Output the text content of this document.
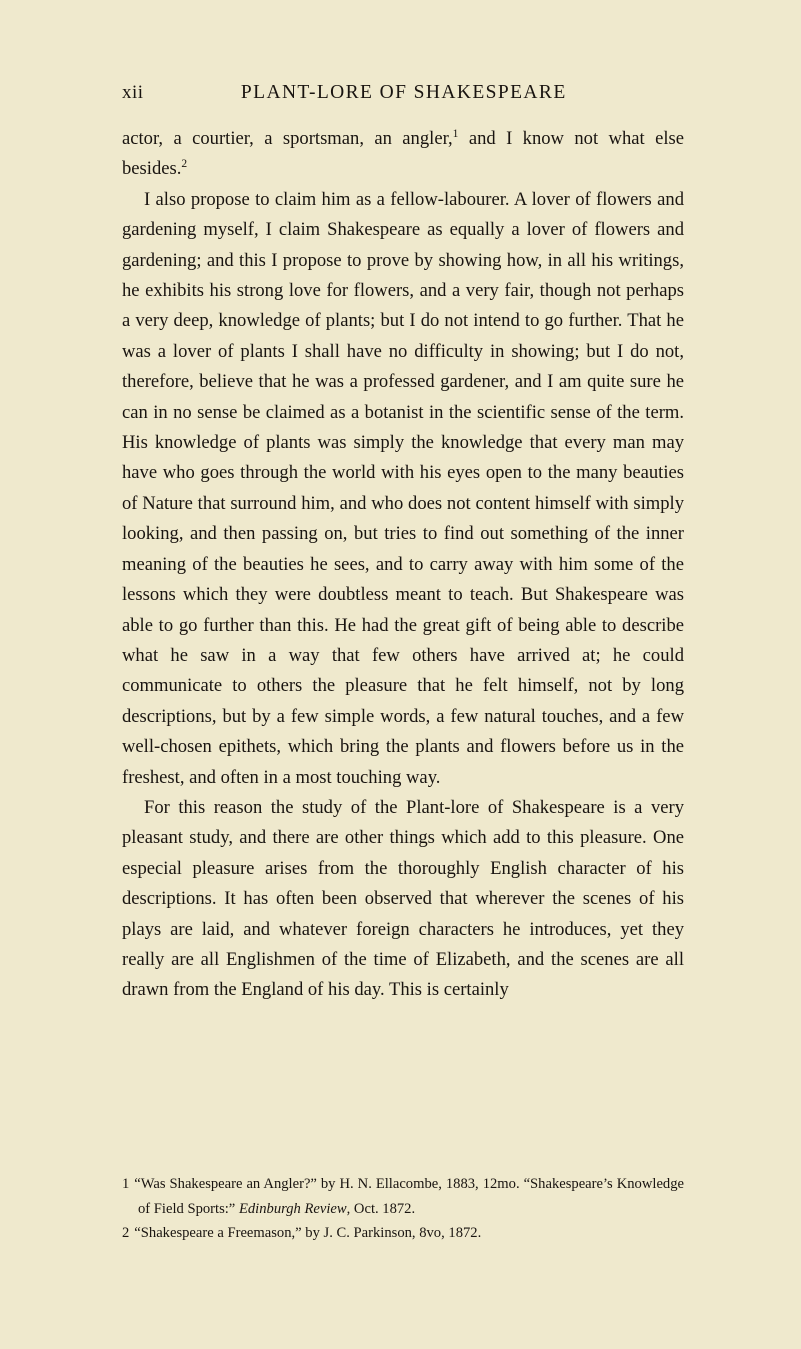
xii	PLANT-LORE OF SHAKESPEARE

actor, a courtier, a sportsman, an angler,$^1$ and I know not what else besides.$^2$

I also propose to claim him as a fellow-labourer. A lover of flowers and gardening myself, I claim Shakespeare as equally a lover of flowers and gardening; and this I propose to prove by showing how, in all his writings, he exhibits his strong love for flowers, and a very fair, though not perhaps a very deep, knowledge of plants; but I do not intend to go further. That he was a lover of plants I shall have no difficulty in showing; but I do not, therefore, believe that he was a professed gardener, and I am quite sure he can in no sense be claimed as a botanist in the scientific sense of the term. His knowledge of plants was simply the knowledge that every man may have who goes through the world with his eyes open to the many beauties of Nature that surround him, and who does not content himself with simply looking, and then passing on, but tries to find out something of the inner meaning of the beauties he sees, and to carry away with him some of the lessons which they were doubtless meant to teach. But Shakespeare was able to go further than this. He had the great gift of being able to describe what he saw in a way that few others have arrived at; he could communicate to others the pleasure that he felt himself, not by long descriptions, but by a few simple words, a few natural touches, and a few well-chosen epithets, which bring the plants and flowers before us in the freshest, and often in a most touching way.

For this reason the study of the Plant-lore of Shakespeare is a very pleasant study, and there are other things which add to this pleasure. One especial pleasure arises from the thoroughly English character of his descriptions. It has often been observed that wherever the scenes of his plays are laid, and whatever foreign characters he introduces, yet they really are all Englishmen of the time of Elizabeth, and the scenes are all drawn from the England of his day. This is certainly

1 “Was Shakespeare an Angler?” by H. N. Ellacombe, 1883, 12mo. “Shakespeare’s Knowledge of Field Sports:” Edinburgh Review, Oct. 1872.

2 “Shakespeare a Freemason,” by J. C. Parkinson, 8vo, 1872.
